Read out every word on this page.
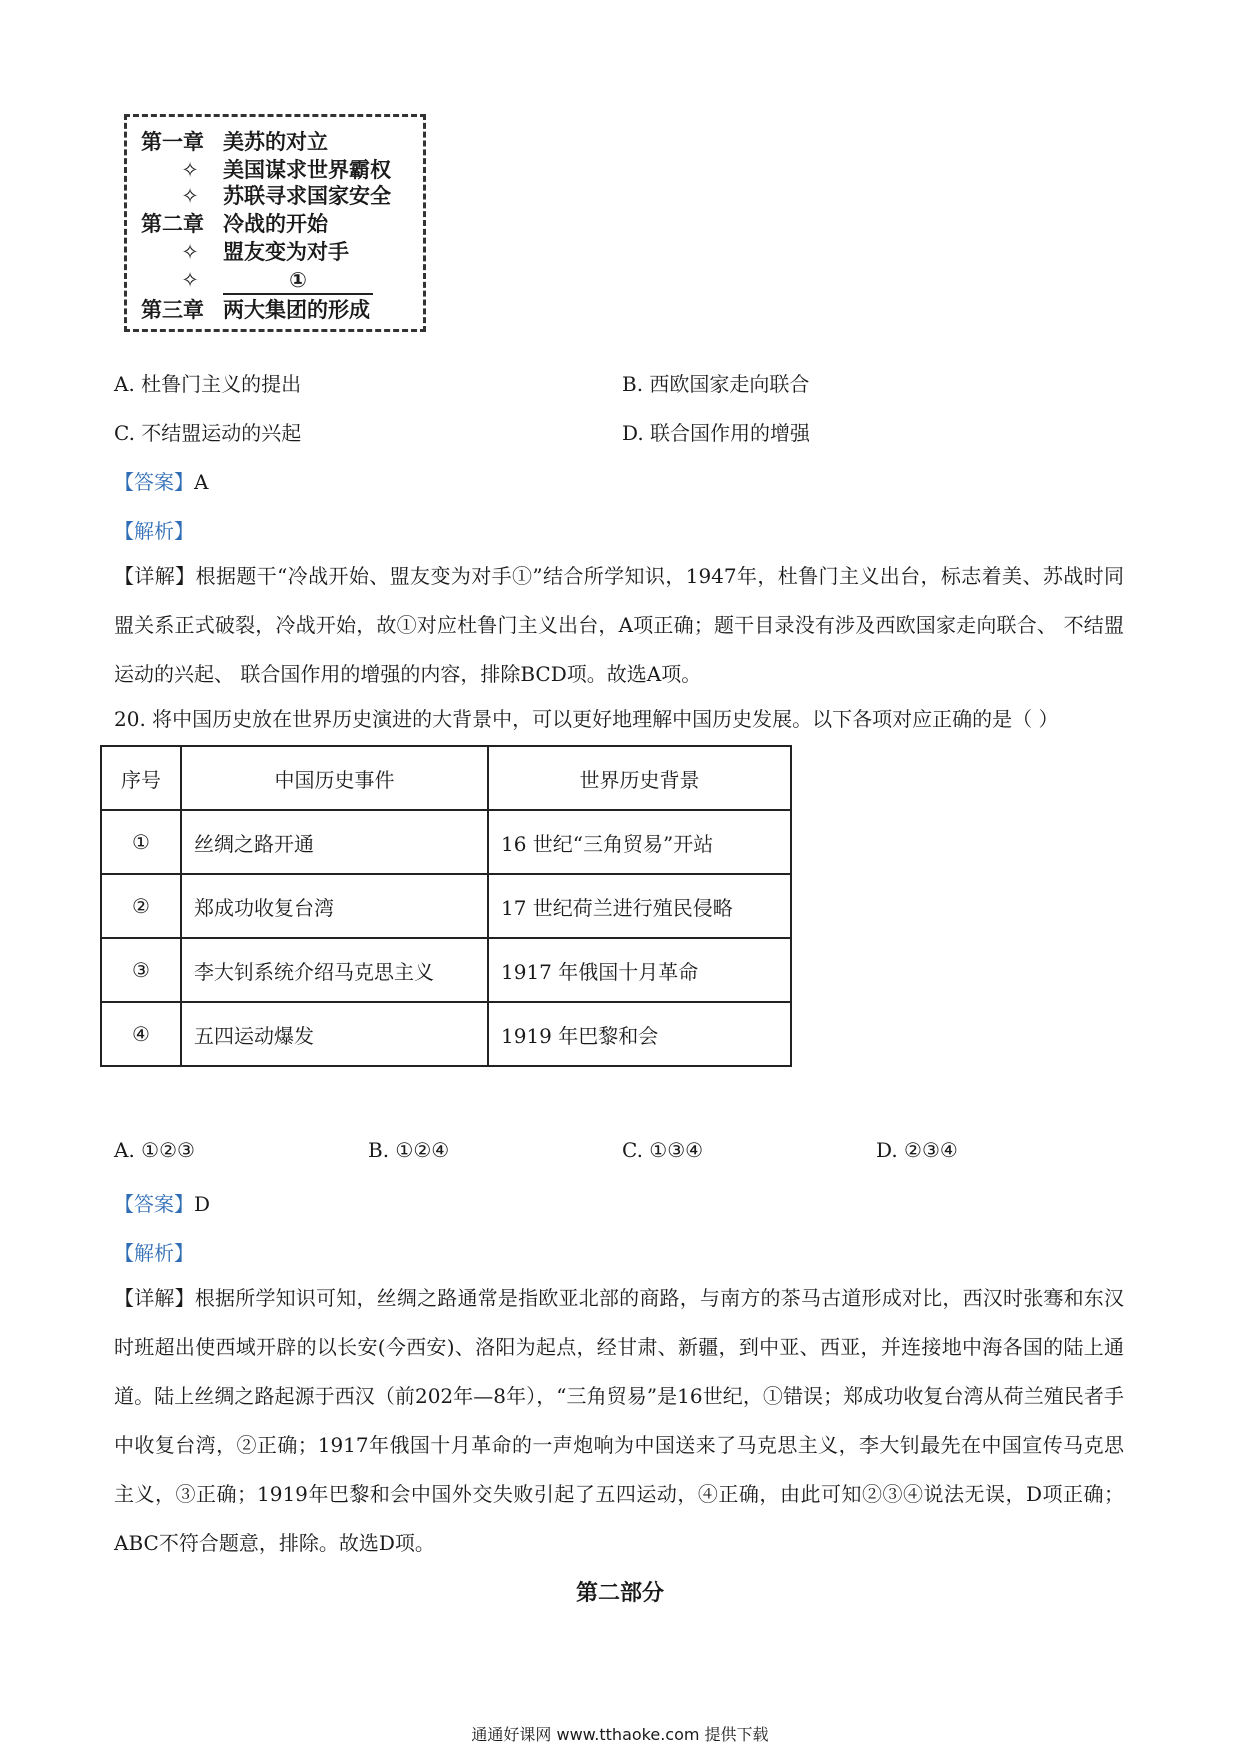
第一章 美苏的对立
✧ 美国谋求世界霸权
✧ 苏联寻求国家安全
第二章 冷战的开始
✧ 盟友变为对手
✧	①
第三章 两大集团的形成
A. 杜鲁门主义的提出	B. 西欧国家走向联合
C. 不结盟运动的兴起	D. 联合国作用的增强
【答案】A
【解析】
【详解】根据题干“冷战开始、盟友变为对手①”结合所学知识，1947年，杜鲁门主义出台，标志着美、苏战时同盟关系正式破裂，冷战开始，故①对应杜鲁门主义出台，A项正确；题干目录没有涉及西欧国家走向联合、 不结盟运动的兴起、 联合国作用的增强的内容，排除BCD项。故选A项。
20. 将中国历史放在世界历史演进的大背景中，可以更好地理解中国历史发展。以下各项对应正确的是（ ）
序号	中国历史事件	世界历史背景
①	丝绸之路开通	16 世纪“三角贸易”开站
②	郑成功收复台湾	17 世纪荷兰进行殖民侵略
③	李大钊系统介绍马克思主义	1917 年俄国十月革命
④	五四运动爆发	1919 年巴黎和会
A. ①②③	B. ①②④	C. ①③④	D. ②③④
【答案】D
【解析】
【详解】根据所学知识可知，丝绸之路通常是指欧亚北部的商路，与南方的茶马古道形成对比，西汉时张骞和东汉时班超出使西域开辟的以长安(今西安)、洛阳为起点，经甘肃、新疆，到中亚、西亚，并连接地中海各国的陆上通道。陆上丝绸之路起源于西汉（前202年—8年），“三角贸易”是16世纪，①错误；郑成功收复台湾从荷兰殖民者手中收复台湾，②正确；1917年俄国十月革命的一声炮响为中国送来了马克思主义，李大钊最先在中国宣传马克思主义，③正确；1919年巴黎和会中国外交失败引起了五四运动，④正确，由此可知②③④说法无误，D项正确；ABC不符合题意，排除。故选D项。
第二部分
通通好课网 www.tthaoke.com 提供下载
